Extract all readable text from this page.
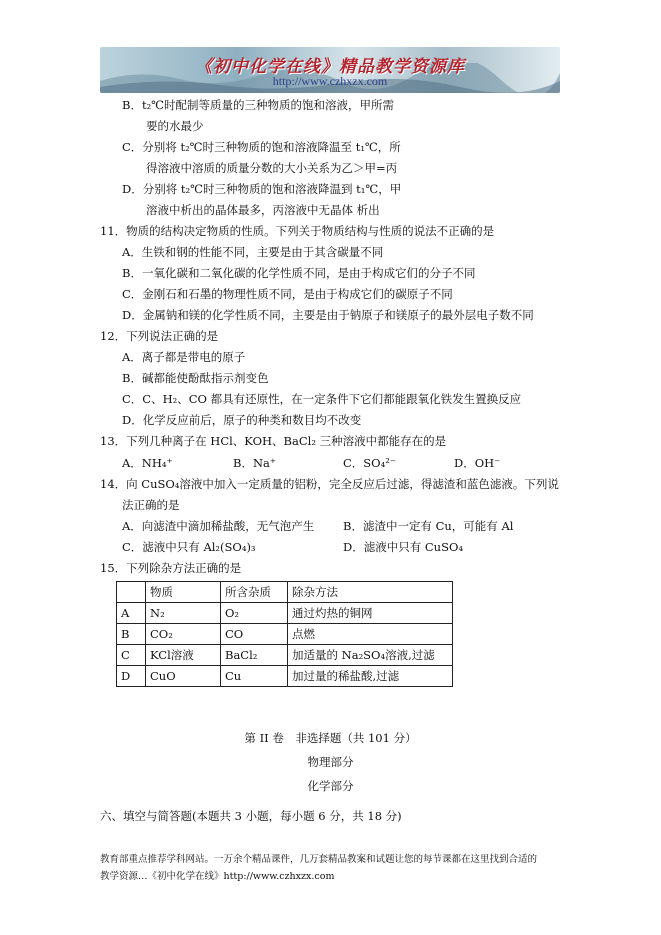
《初中化学在线》精品教学资源库
http://www.czhxzx.com
B．t₂℃时配制等质量的三种物质的饱和溶液，甲所需
要的水最少
C．分别将 t₂℃时三种物质的饱和溶液降温至 t₁℃，所
得溶液中溶质的质量分数的大小关系为乙＞甲=丙
D．分别将 t₂℃时三种物质的饱和溶液降温到 t₁℃，甲
溶液中析出的晶体最多，丙溶液中无晶体 析出
11．物质的结构决定物质的性质。下列关于物质结构与性质的说法不正确的是
A．生铁和钢的性能不同，主要是由于其含碳量不同
B．一氧化碳和二氧化碳的化学性质不同，是由于构成它们的分子不同
C．金刚石和石墨的物理性质不同，是由于构成它们的碳原子不同
D．金属钠和镁的化学性质不同，主要是由于钠原子和镁原子的最外层电子数不同
12．下列说法正确的是
A．离子都是带电的原子
B．碱都能使酚酞指示剂变色
C．C、H₂、CO 都具有还原性，在一定条件下它们都能跟氧化铁发生置换反应
D．化学反应前后，原子的种类和数目均不改变
13．下列几种离子在 HCl、KOH、BaCl₂ 三种溶液中都能存在的是
A．NH₄⁺	B．Na⁺	C．SO₄²⁻	D．OH⁻
14．向 CuSO₄溶液中加入一定质量的铝粉，完全反应后过滤，得滤渣和蓝色滤液。下列说
法正确的是
A．向滤渣中滴加稀盐酸，无气泡产生 B．滤渣中一定有 Cu，可能有 Al
C．滤液中只有 Al₂(SO₄)₃	D．滤液中只有 CuSO₄
15．下列除杂方法正确的是
	物质	所含杂质	除杂方法
A	N₂	O₂	通过灼热的铜网
B	CO₂	CO	点燃
C	KCl溶液	BaCl₂	加适量的 Na₂SO₄溶液,过滤
D	CuO	Cu	加过量的稀盐酸,过滤
第 II 卷　非选择题（共 101 分）
物理部分
化学部分
六、填空与简答题(本题共 3 小题，每小题 6 分，共 18 分)
教育部重点推荐学科网站。一万余个精品课件，几万套精品教案和试题让您的每节课都在这里找到合适的
教学资源…《初中化学在线》http://www.czhxzx.com
